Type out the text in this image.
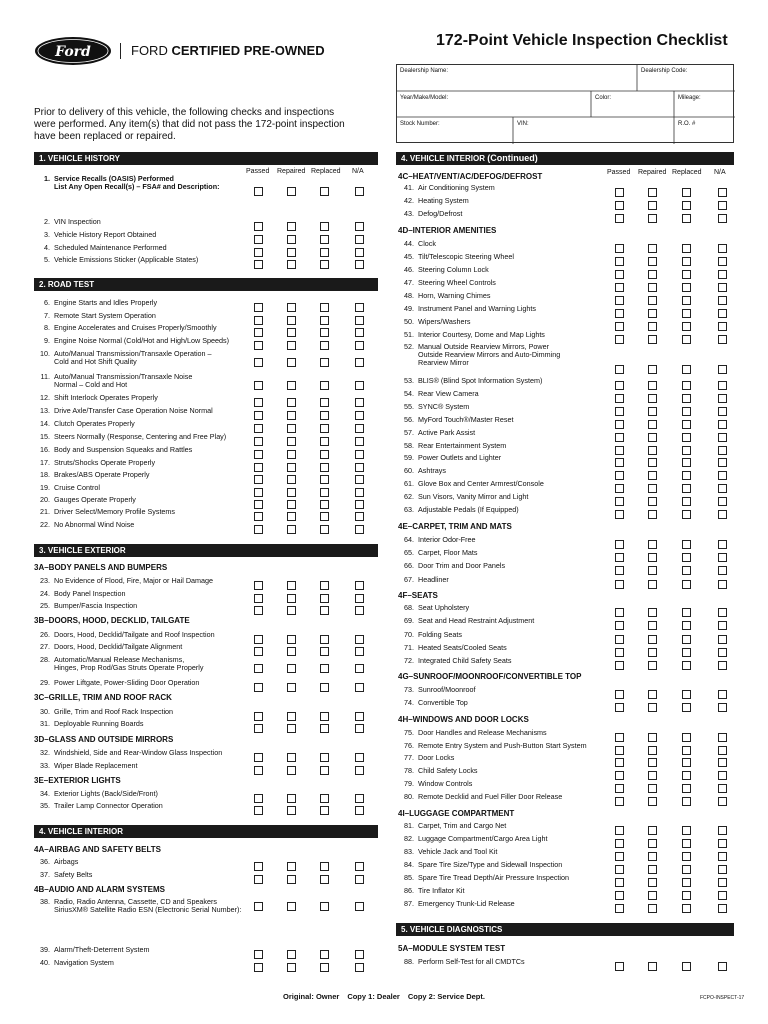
Ford	FORD CERTIFIED PRE-OWNED
172-Point Vehicle Inspection Checklist
Dealership Name:	Dealership Code:
Year/Make/Model:	Color:	Mileage:
Stock Number:	VIN:	R.O. #
Prior to delivery of this vehicle, the following checks and inspections were performed. Any item(s) that did not pass the 172-point inspection have been replaced or repaired.
1. VEHICLE HISTORY
Passed Repaired Replaced N/A
1. Service Recalls (OASIS) Performed
List Any Open Recall(s) – FSA# and Description:
2. VIN Inspection
3. Vehicle History Report Obtained
4. Scheduled Maintenance Performed
5. Vehicle Emissions Sticker (Applicable States)
2. ROAD TEST
6. Engine Starts and Idles Properly
7. Remote Start System Operation
8. Engine Accelerates and Cruises Properly/Smoothly
9. Engine Noise Normal (Cold/Hot and High/Low Speeds)
10. Auto/Manual Transmission/Transaxle Operation –
Cold and Hot Shift Quality
11. Auto/Manual Transmission/Transaxle Noise
Normal – Cold and Hot
12. Shift Interlock Operates Properly
13. Drive Axle/Transfer Case Operation Noise Normal
14. Clutch Operates Properly
15. Steers Normally (Response, Centering and Free Play)
16. Body and Suspension Squeaks and Rattles
17. Struts/Shocks Operate Properly
18. Brakes/ABS Operate Properly
19. Cruise Control
20. Gauges Operate Properly
21. Driver Select/Memory Profile Systems
22. No Abnormal Wind Noise
3. VEHICLE EXTERIOR
3A–BODY PANELS AND BUMPERS
23. No Evidence of Flood, Fire, Major or Hail Damage
24. Body Panel Inspection
25. Bumper/Fascia Inspection
3B–DOORS, HOOD, DECKLID, TAILGATE
26. Doors, Hood, Decklid/Tailgate and Roof Inspection
27. Doors, Hood, Decklid/Tailgate Alignment
28. Automatic/Manual Release Mechanisms,
Hinges, Prop Rod/Gas Struts Operate Properly
29. Power Liftgate, Power-Sliding Door Operation
3C–GRILLE, TRIM AND ROOF RACK
30. Grille, Trim and Roof Rack Inspection
31. Deployable Running Boards
3D–GLASS AND OUTSIDE MIRRORS
32. Windshield, Side and Rear-Window Glass Inspection
33. Wiper Blade Replacement
3E–EXTERIOR LIGHTS
34. Exterior Lights (Back/Side/Front)
35. Trailer Lamp Connector Operation
4. VEHICLE INTERIOR
4A–AIRBAG AND SAFETY BELTS
36. Airbags
37. Safety Belts
4B–AUDIO AND ALARM SYSTEMS
38. Radio, Radio Antenna, Cassette, CD and Speakers
SiriusXM® Satellite Radio ESN (Electronic Serial Number):
39. Alarm/Theft-Deterrent System
40. Navigation System
4. VEHICLE INTERIOR (Continued)
Passed Repaired Replaced N/A
4C–HEAT/VENT/AC/DEFOG/DEFROST
41. Air Conditioning System
42. Heating System
43. Defog/Defrost
4D–INTERIOR AMENITIES
44. Clock
45. Tilt/Telescopic Steering Wheel
46. Steering Column Lock
47. Steering Wheel Controls
48. Horn, Warning Chimes
49. Instrument Panel and Warning Lights
50. Wipers/Washers
51. Interior Courtesy, Dome and Map Lights
52. Manual Outside Rearview Mirrors, Power
Outside Rearview Mirrors and Auto-Dimming
Rearview Mirror
53. BLIS® (Blind Spot Information System)
54. Rear View Camera
55. SYNC® System
56. MyFord Touch®/Master Reset
57. Active Park Assist
58. Rear Entertainment System
59. Power Outlets and Lighter
60. Ashtrays
61. Glove Box and Center Armrest/Console
62. Sun Visors, Vanity Mirror and Light
63. Adjustable Pedals (If Equipped)
4E–CARPET, TRIM AND MATS
64. Interior Odor-Free
65. Carpet, Floor Mats
66. Door Trim and Door Panels
67. Headliner
4F–SEATS
68. Seat Upholstery
69. Seat and Head Restraint Adjustment
70. Folding Seats
71. Heated Seats/Cooled Seats
72. Integrated Child Safety Seats
4G–SUNROOF/MOONROOF/CONVERTIBLE TOP
73. Sunroof/Moonroof
74. Convertible Top
4H–WINDOWS AND DOOR LOCKS
75. Door Handles and Release Mechanisms
76. Remote Entry System and Push-Button Start System
77. Door Locks
78. Child Safety Locks
79. Window Controls
80. Remote Decklid and Fuel Filler Door Release
4I–LUGGAGE COMPARTMENT
81. Carpet, Trim and Cargo Net
82. Luggage Compartment/Cargo Area Light
83. Vehicle Jack and Tool Kit
84. Spare Tire Size/Type and Sidewall Inspection
85. Spare Tire Tread Depth/Air Pressure Inspection
86. Tire Inflator Kit
87. Emergency Trunk-Lid Release
5. VEHICLE DIAGNOSTICS
5A–MODULE SYSTEM TEST
88. Perform Self-Test for all CMDTCs
Original: Owner Copy 1: Dealer Copy 2: Service Dept.	FCPO-INSPECT-17
